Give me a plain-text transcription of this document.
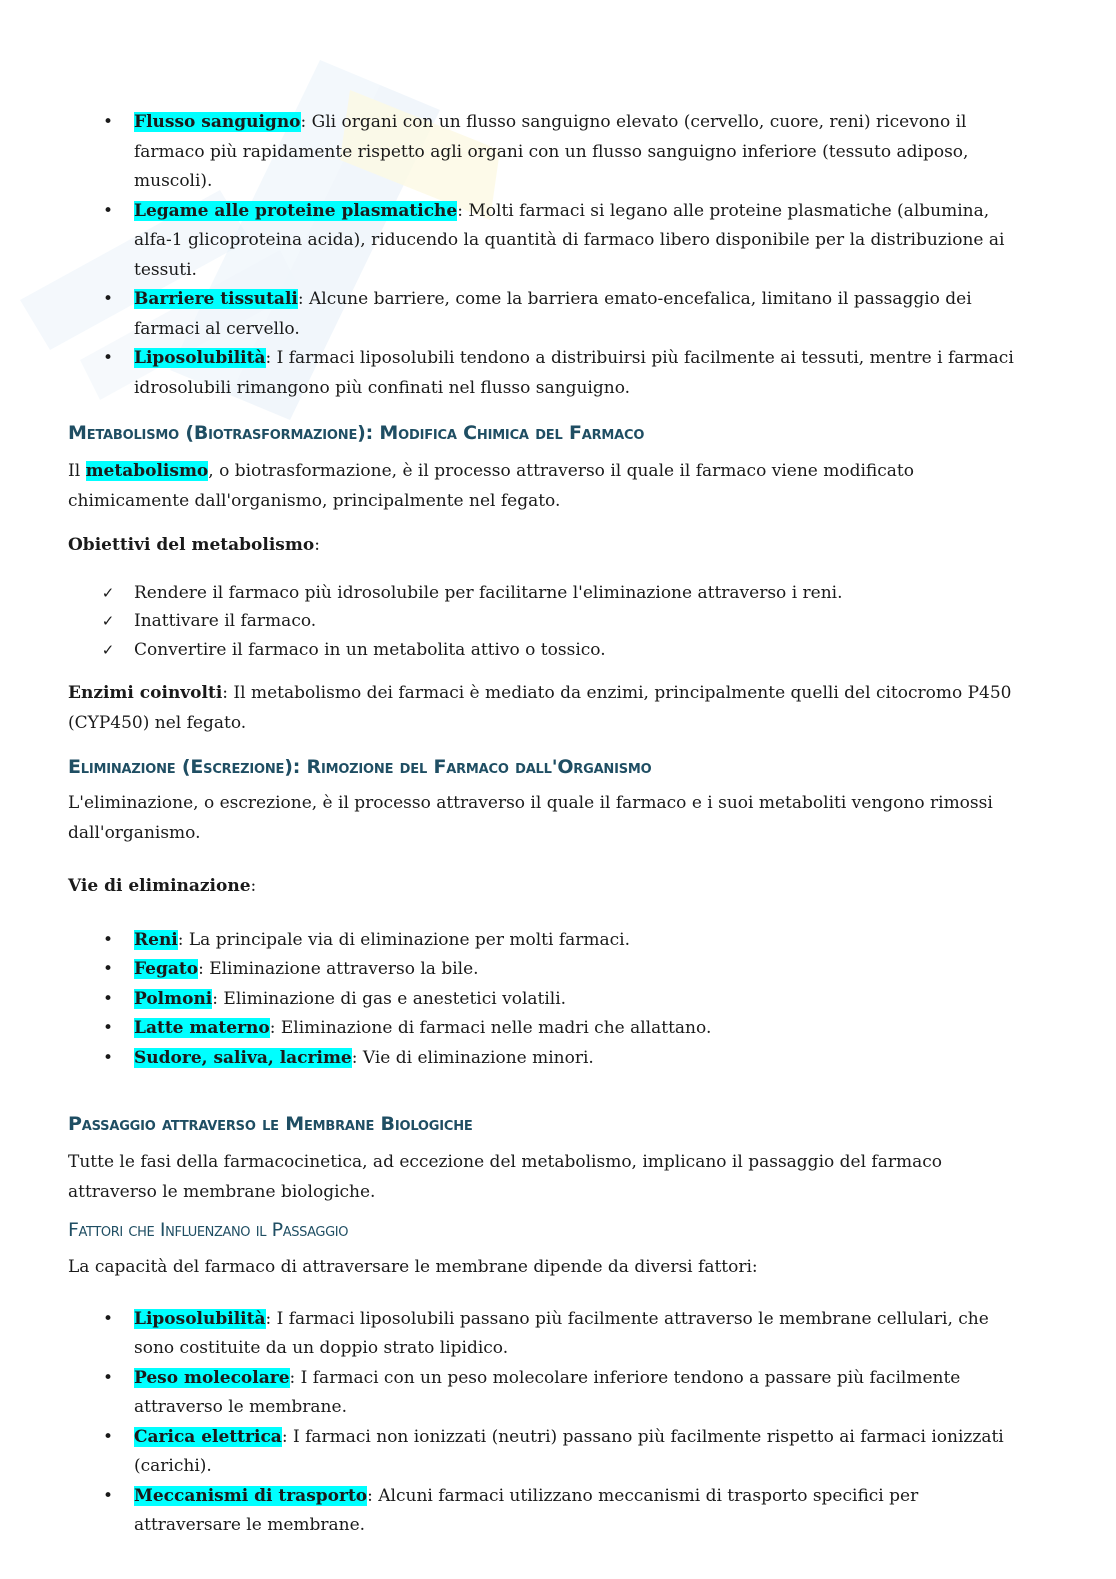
• Flusso sanguigno: Gli organi con un flusso sanguigno elevato (cervello, cuore, reni) ricevono il farmaco più rapidamente rispetto agli organi con un flusso sanguigno inferiore (tessuto adiposo, muscoli).
• Legame alle proteine plasmatiche: Molti farmaci si legano alle proteine plasmatiche (albumina, alfa-1 glicoproteina acida), riducendo la quantità di farmaco libero disponibile per la distribuzione ai tessuti.
• Barriere tissutali: Alcune barriere, come la barriera emato-encefalica, limitano il passaggio dei farmaci al cervello.
• Liposolubilità: I farmaci liposolubili tendono a distribuirsi più facilmente ai tessuti, mentre i farmaci idrosolubili rimangono più confinati nel flusso sanguigno.
Metabolismo (Biotrasformazione): Modifica Chimica del Farmaco

Il metabolismo, o biotrasformazione, è il processo attraverso il quale il farmaco viene modificato chimicamente dall'organismo, principalmente nel fegato.

Obiettivi del metabolismo:

✓ Rendere il farmaco più idrosolubile per facilitarne l'eliminazione attraverso i reni.
✓ Inattivare il farmaco.
✓ Convertire il farmaco in un metabolita attivo o tossico.

Enzimi coinvolti: Il metabolismo dei farmaci è mediato da enzimi, principalmente quelli del citocromo P450 (CYP450) nel fegato.

Eliminazione (Escrezione): Rimozione del Farmaco dall'Organismo

L'eliminazione, o escrezione, è il processo attraverso il quale il farmaco e i suoi metaboliti vengono rimossi dall'organismo.

Vie di eliminazione:

• Reni: La principale via di eliminazione per molti farmaci.
• Fegato: Eliminazione attraverso la bile.
• Polmoni: Eliminazione di gas e anestetici volatili.
• Latte materno: Eliminazione di farmaci nelle madri che allattano.
• Sudore, saliva, lacrime: Vie di eliminazione minori.
Passaggio attraverso le Membrane Biologiche

Tutte le fasi della farmacocinetica, ad eccezione del metabolismo, implicano il passaggio del farmaco attraverso le membrane biologiche.

Fattori che Influenzano il Passaggio

La capacità del farmaco di attraversare le membrane dipende da diversi fattori:

• Liposolubilità: I farmaci liposolubili passano più facilmente attraverso le membrane cellulari, che sono costituite da un doppio strato lipidico.
• Peso molecolare: I farmaci con un peso molecolare inferiore tendono a passare più facilmente attraverso le membrane.
• Carica elettrica: I farmaci non ionizzati (neutri) passano più facilmente rispetto ai farmaci ionizzati (carichi).
• Meccanismi di trasporto: Alcuni farmaci utilizzano meccanismi di trasporto specifici per attraversare le membrane.
